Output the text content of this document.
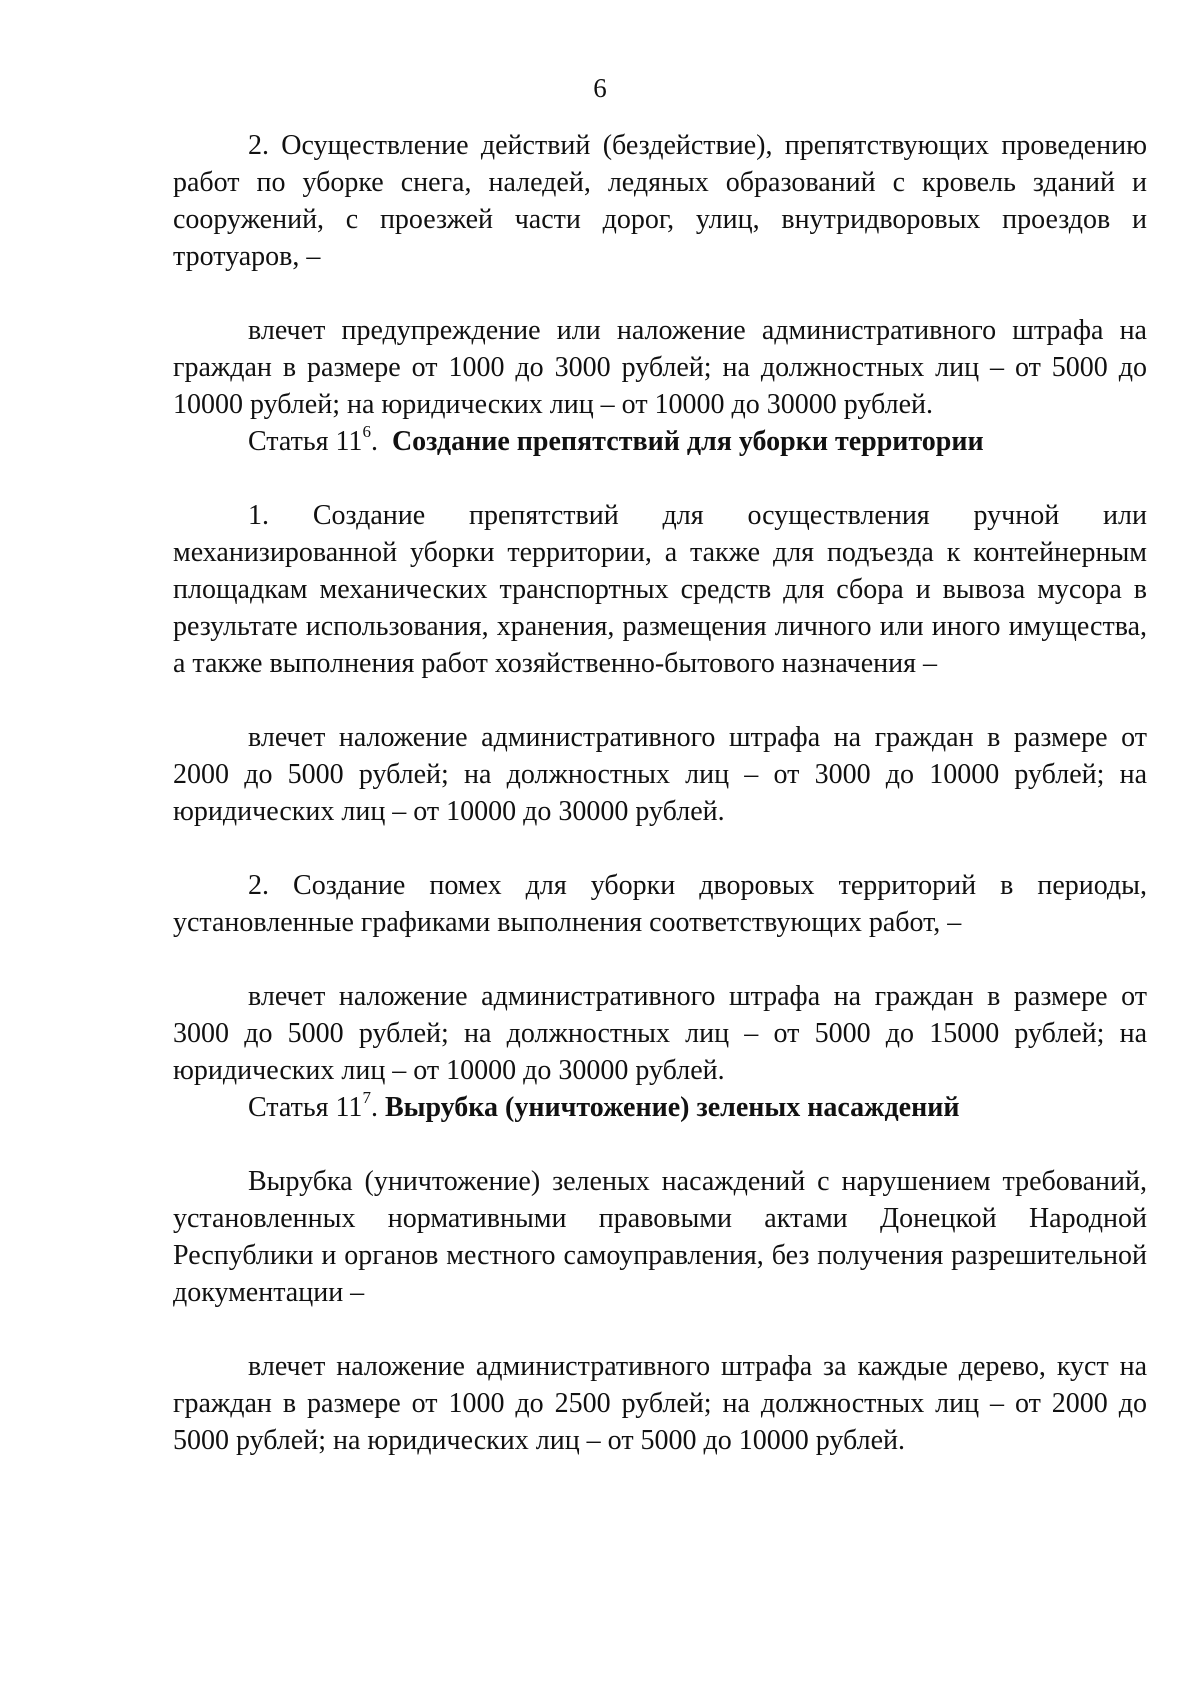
6

2. Осуществление действий (бездействие), препятствующих проведению работ по уборке снега, наледей, ледяных образований с кровель зданий и сооружений, с проезжей части дорог, улиц, внутридворовых проездов и тротуаров, –

влечет предупреждение или наложение административного штрафа на граждан в размере от 1000 до 3000 рублей; на должностных лиц – от 5000 до 10000 рублей; на юридических лиц – от 10000 до 30000 рублей.

Статья $11^6$. Создание препятствий для уборки территории

1. Создание препятствий для осуществления ручной или механизированной уборки территории, а также для подъезда к контейнерным площадкам механических транспортных средств для сбора и вывоза мусора в результате использования, хранения, размещения личного или иного имущества, а также выполнения работ хозяйственно-бытового назначения –

влечет наложение административного штрафа на граждан в размере от 2000 до 5000 рублей; на должностных лиц – от 3000 до 10000 рублей; на юридических лиц – от 10000 до 30000 рублей.

2. Создание помех для уборки дворовых территорий в периоды, установленные графиками выполнения соответствующих работ, –

влечет наложение административного штрафа на граждан в размере от 3000 до 5000 рублей; на должностных лиц – от 5000 до 15000 рублей; на юридических лиц – от 10000 до 30000 рублей.

Статья $11^7$. Вырубка (уничтожение) зеленых насаждений

Вырубка (уничтожение) зеленых насаждений с нарушением требований, установленных нормативными правовыми актами Донецкой Народной Республики и органов местного самоуправления, без получения разрешительной документации –

влечет наложение административного штрафа за каждые дерево, куст на граждан в размере от 1000 до 2500 рублей; на должностных лиц – от 2000 до 5000 рублей; на юридических лиц – от 5000 до 10000 рублей.
